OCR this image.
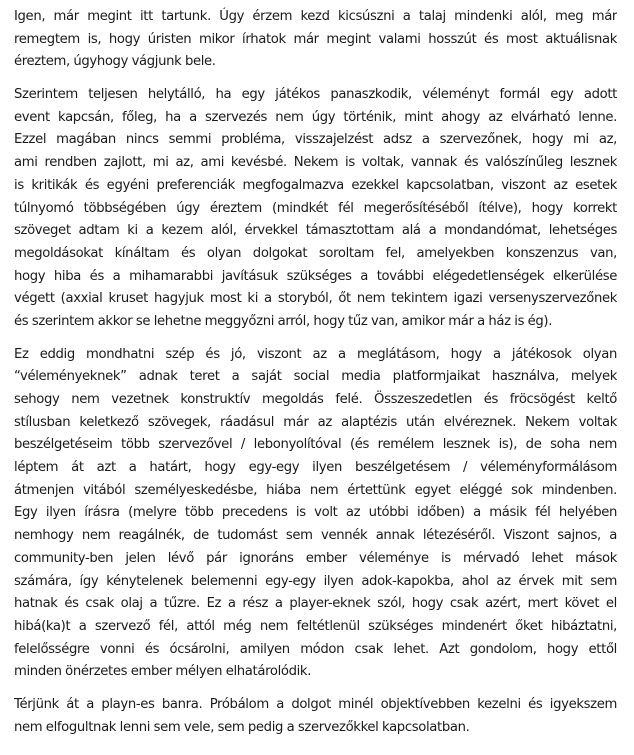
Igen, már megint itt tartunk. Úgy érzem kezd kicsúszni a talaj mindenki alól, meg már
remegtem is, hogy úristen mikor írhatok már megint valami hosszút és most aktuálisnak
éreztem, úgyhogy vágjunk bele.
Szerintem teljesen helytálló, ha egy játékos panaszkodik, véleményt formál egy adott
event kapcsán, főleg, ha a szervezés nem úgy történik, mint ahogy az elvárható lenne.
Ezzel magában nincs semmi probléma, visszajelzést adsz a szervezőnek, hogy mi az,
ami rendben zajlott, mi az, ami kevésbé. Nekem is voltak, vannak és valószínűleg lesznek
is kritikák és egyéni preferenciák megfogalmazva ezekkel kapcsolatban, viszont az esetek
túlnyomó többségében úgy éreztem (mindkét fél megerősítéséből ítélve), hogy korrekt
szöveget adtam ki a kezem alól, érvekkel támasztottam alá a mondandómat, lehetséges
megoldásokat kínáltam és olyan dolgokat soroltam fel, amelyekben konszenzus van,
hogy hiba és a mihamarabbi javításuk szükséges a további elégedetlenségek elkerülése
végett (axxial kruset hagyjuk most ki a storyból, őt nem tekintem igazi versenyszervezőnek
és szerintem akkor se lehetne meggyőzni arról, hogy tűz van, amikor már a ház is ég).
Ez eddig mondhatni szép és jó, viszont az a meglátásom, hogy a játékosok olyan
“véleményeknek” adnak teret a saját social media platformjaikat használva, melyek
sehogy nem vezetnek konstruktív megoldás felé. Összeszedetlen és fröcsögést keltő
stílusban keletkező szövegek, ráadásul már az alaptézis után elvéreznek. Nekem voltak
beszélgetéseim több szervezővel / lebonyolítóval (és remélem lesznek is), de soha nem
léptem át azt a határt, hogy egy-egy ilyen beszélgetésem / véleményformálásom
átmenjen vitából személyeskedésbe, hiába nem értettünk egyet eléggé sok mindenben.
Egy ilyen írásra (melyre több precedens is volt az utóbbi időben) a másik fél helyében
nemhogy nem reagálnék, de tudomást sem vennék annak létezéséről. Viszont sajnos, a
community-ben jelen lévő pár ignoráns ember véleménye is mérvadó lehet mások
számára, így kénytelenek belemenni egy-egy ilyen adok-kapokba, ahol az érvek mit sem
hatnak és csak olaj a tűzre. Ez a rész a player-eknek szól, hogy csak azért, mert követ el
hibá(ka)t a szervező fél, attól még nem feltétlenül szükséges mindenért őket hibáztatni,
felelősségre vonni és ócsárolni, amilyen módon csak lehet. Azt gondolom, hogy ettől
minden önérzetes ember mélyen elhatárolódik.
Térjünk át a playn-es banra. Próbálom a dolgot minél objektívebben kezelni és igyekszem
nem elfogultnak lenni sem vele, sem pedig a szervezőkkel kapcsolatban.
